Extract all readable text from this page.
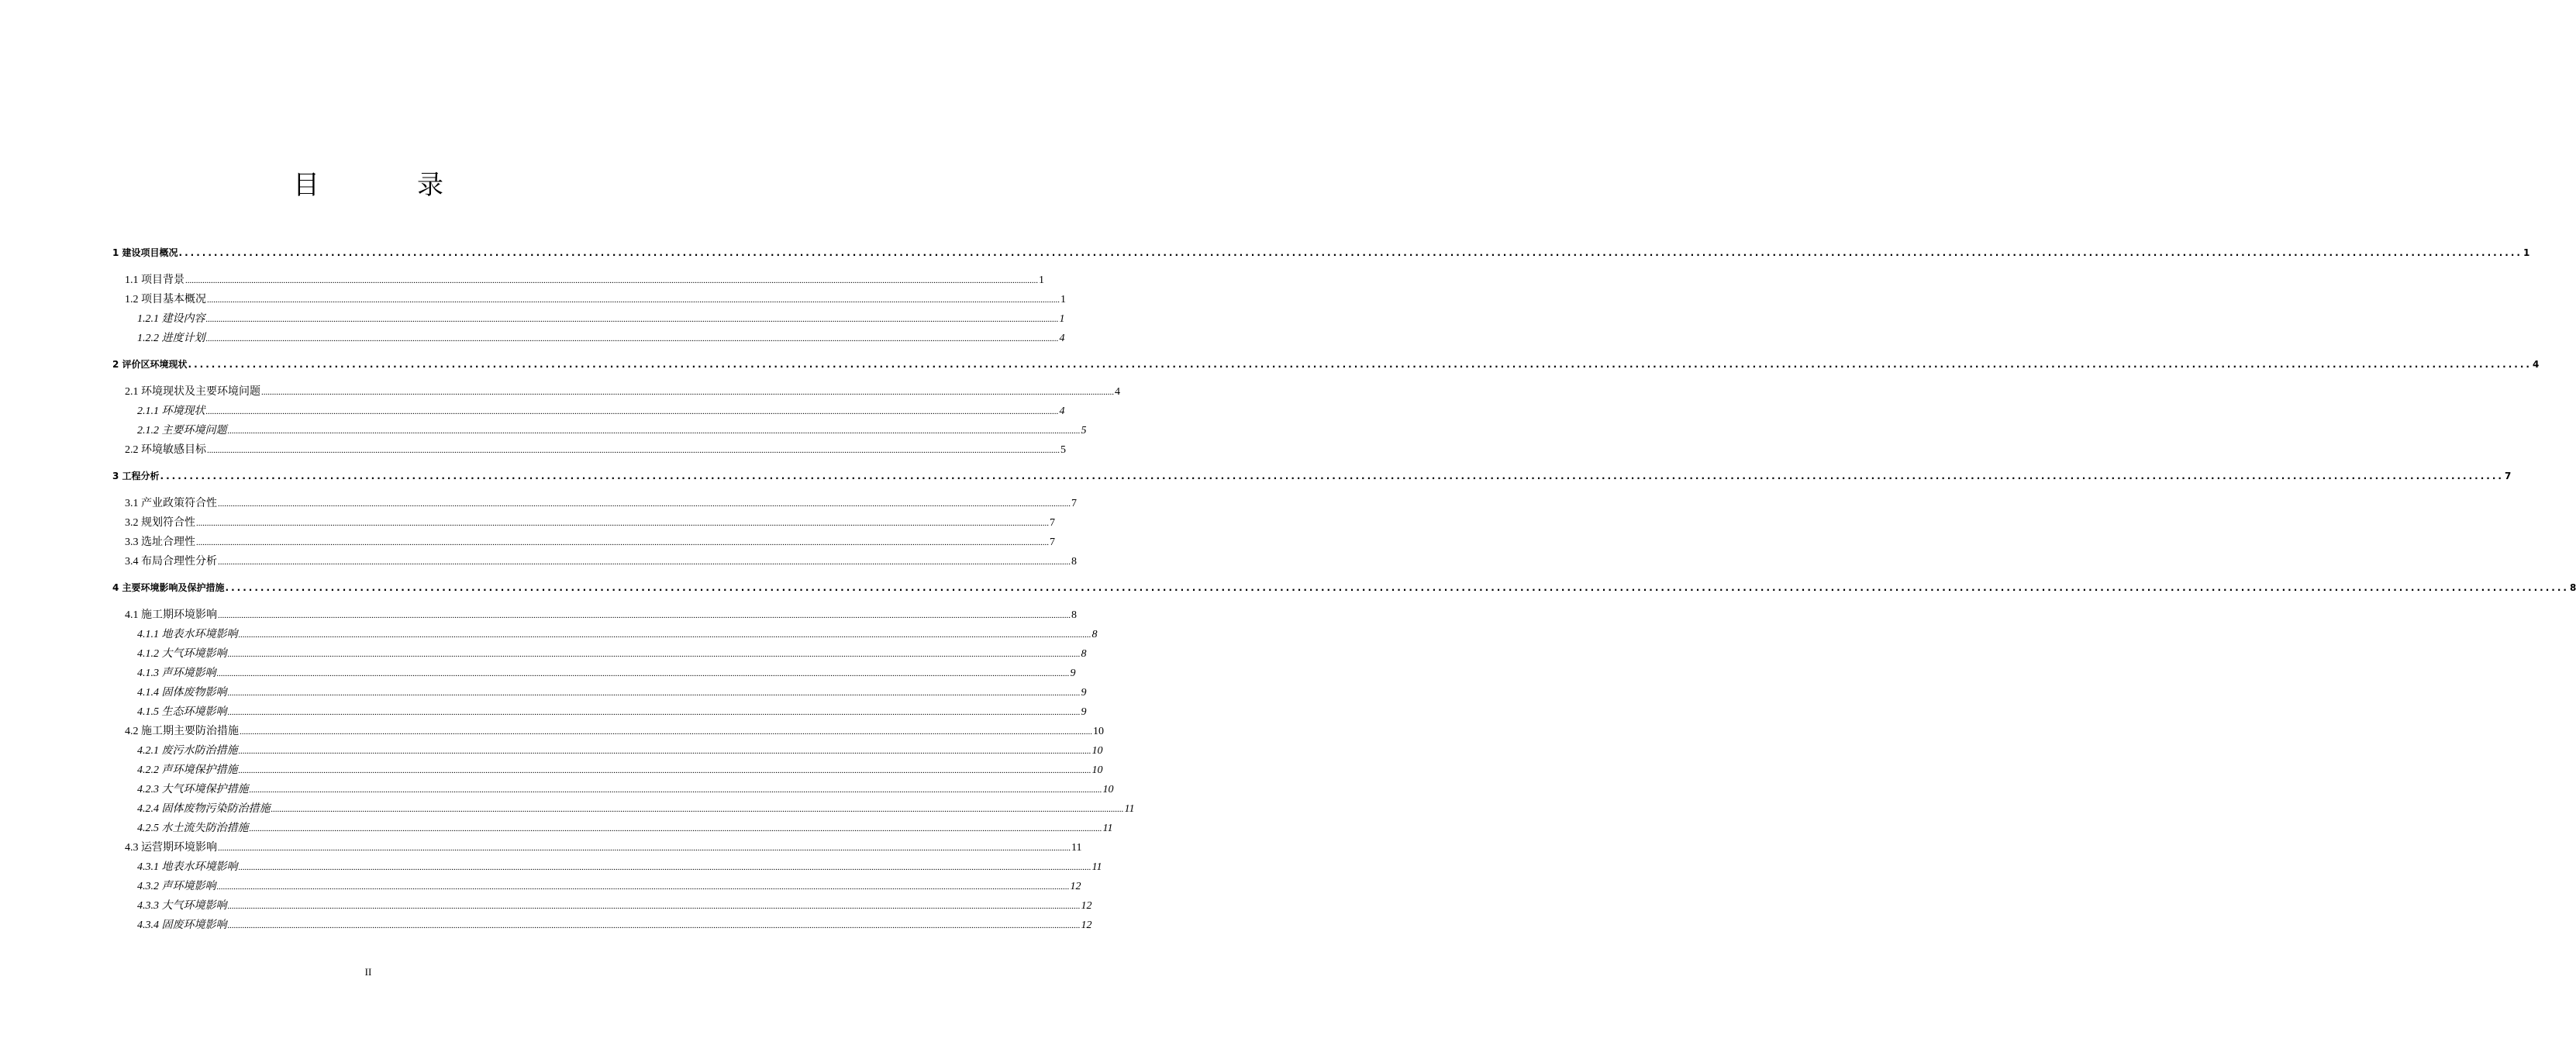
目　录
1 建设项目概况 ................................................................................................................................................................................................................................................................................................................................................................................................................ 1
1.1 项目背景 ................................................................................................................................................................................................................................................................................................................................................................................................................ 1
1.2 项目基本概况 ................................................................................................................................................................................................................................................................................................................................................................................................................ 1
1.2.1 建设内容 ................................................................................................................................................................................................................................................................................................................................................................................................................ 1
1.2.2 进度计划 ................................................................................................................................................................................................................................................................................................................................................................................................................ 4
2 评价区环境现状 ................................................................................................................................................................................................................................................................................................................................................................................................................ 4
2.1 环境现状及主要环境问题 ................................................................................................................................................................................................................................................................................................................................................................................................................ 4
2.1.1 环境现状 ................................................................................................................................................................................................................................................................................................................................................................................................................ 4
2.1.2 主要环境问题 ................................................................................................................................................................................................................................................................................................................................................................................................................ 5
2.2 环境敏感目标 ................................................................................................................................................................................................................................................................................................................................................................................................................ 5
3 工程分析 ................................................................................................................................................................................................................................................................................................................................................................................................................ 7
3.1 产业政策符合性 ................................................................................................................................................................................................................................................................................................................................................................................................................ 7
3.2 规划符合性 ................................................................................................................................................................................................................................................................................................................................................................................................................ 7
3.3 选址合理性 ................................................................................................................................................................................................................................................................................................................................................................................................................ 7
3.4 布局合理性分析 ................................................................................................................................................................................................................................................................................................................................................................................................................ 8
4 主要环境影响及保护措施 ................................................................................................................................................................................................................................................................................................................................................................................................................ 8
4.1 施工期环境影响 ................................................................................................................................................................................................................................................................................................................................................................................................................ 8
4.1.1 地表水环境影响 ................................................................................................................................................................................................................................................................................................................................................................................................................ 8
4.1.2 大气环境影响 ................................................................................................................................................................................................................................................................................................................................................................................................................ 8
4.1.3 声环境影响 ................................................................................................................................................................................................................................................................................................................................................................................................................ 9
4.1.4 固体废物影响 ................................................................................................................................................................................................................................................................................................................................................................................................................ 9
4.1.5 生态环境影响 ................................................................................................................................................................................................................................................................................................................................................................................................................ 9
4.2 施工期主要防治措施 ................................................................................................................................................................................................................................................................................................................................................................................................................ 10
4.2.1 废污水防治措施 ................................................................................................................................................................................................................................................................................................................................................................................................................ 10
4.2.2 声环境保护措施 ................................................................................................................................................................................................................................................................................................................................................................................................................ 10
4.2.3 大气环境保护措施 ................................................................................................................................................................................................................................................................................................................................................................................................................ 10
4.2.4 固体废物污染防治措施 ................................................................................................................................................................................................................................................................................................................................................................................................................ 11
4.2.5 水土流失防治措施 ................................................................................................................................................................................................................................................................................................................................................................................................................ 11
4.3 运营期环境影响 ................................................................................................................................................................................................................................................................................................................................................................................................................ 11
4.3.1 地表水环境影响 ................................................................................................................................................................................................................................................................................................................................................................................................................ 11
4.3.2 声环境影响 ................................................................................................................................................................................................................................................................................................................................................................................................................ 12
4.3.3 大气环境影响 ................................................................................................................................................................................................................................................................................................................................................................................................................ 12
4.3.4 固废环境影响 ................................................................................................................................................................................................................................................................................................................................................................................................................ 12
II
